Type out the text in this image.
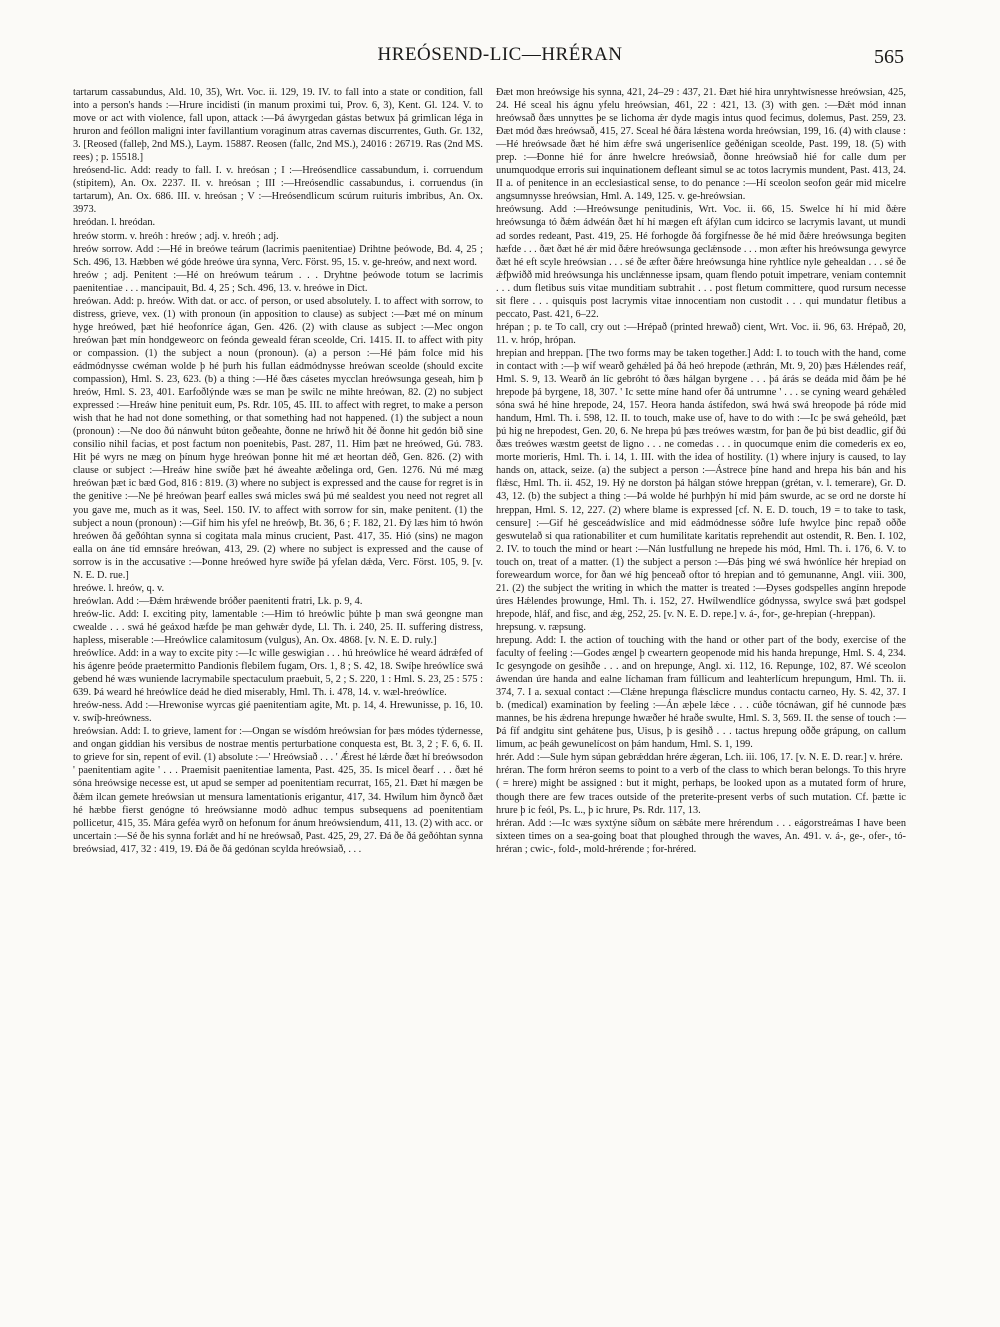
HREÓSEND-LIC—HRÉRAN	565

tartarum cassabundus, Ald. 10, 35), Wrt. Voc. ii. 129, 19. IV. to fall into a state or condition, fall into a person's hands :—Hrure incidisti (in manum proximi tui, Prov. 6, 3), Kent. Gl. 124. V. to move or act with violence, fall upon, attack :—Þá áwyrgedan gástas betwux þá grimlican léga in hruron and feóllon maligni inter favillantium voraginum atras cavernas discurrentes, Guth. Gr. 132, 3. [Reosed (falleþ, 2nd MS.), Laym. 15887. Reosen (fallc, 2nd MS.), 24016 : 26719. Ras (2nd MS. rees) ; p. 15518.]

hreósend-lic. Add: ready to fall. I. v. hreósan ; I :—Hreósendlice cassabundum, i. corruendum (stipitem), An. Ox. 2237. II. v. hreósan ; III :—Hreósendlic cassabundus, i. corruendus (in tartarum), An. Ox. 686. III. v. hreósan ; V :—Hreósendlicum scúrum ruituris imbribus, An. Ox. 3973.

hreódan. l. hreódan.

hreów storm. v. hreóh : hreów ; adj. v. hreóh ; adj.

hreów sorrow. Add :—Hé in breówe teárum (lacrimis paenitentiae) Drihtne þeówode, Bd. 4, 25 ; Sch. 496, 13. Hæbben wé góde hreówe úra synna, Verc. Först. 95, 15. v. ge-hreów, and next word.

hreów ; adj. Penitent :—Hé on hreówum teárum . . . Dryhtne þeówode totum se lacrimis paenitentiae . . . mancipauit, Bd. 4, 25 ; Sch. 496, 13. v. hreówe in Dict.

hreówan. Add: p. hreów. With dat. or acc. of person, or used absolutely. I. to affect with sorrow, to distress, grieve, vex. (1) with pronoun (in apposition to clause) as subject :—Þæt mé on mínum hyge hreówed, þæt hié heofonríce ágan, Gen. 426. (2) with clause as subject :—Mec ongon hreówan þæt mín hondgeweorc on feónda geweald féran sceolde, Cri. 1415. II. to affect with pity or compassion. (1) the subject a noun (pronoun). (a) a person :—Hé þám folce mid his eádmódnysse cwéman wolde þ hé þurh his fullan eádmódnysse hreówan sceolde (should excite compassion), Hml. S. 23, 623. (b) a thing :—Hé ðæs cásetes mycclan hreówsunga geseah, him þ hreów, Hml. S. 23, 401. Earfoðlýnde wæs se man þe swilc ne mihte hreówan, 82. (2) no subject expressed :—Hreáw hine penituit eum, Ps. Rdr. 105, 45. III. to affect with regret, to make a person wish that he had not done something, or that something had not happened. (1) the subject a noun (pronoun) :—Ne doo ðú nánwuht búton geðeahte, ðonne ne hríwð hit ðé ðonne hit gedón bið sine consilio nihil facias, et post factum non poenitebis, Past. 287, 11. Him þæt ne hreówed, Gú. 783. Hit þé wyrs ne mæg on þínum hyge hreówan þonne hit mé æt heortan déð, Gen. 826. (2) with clause or subject :—Hreáw hine swíðe þæt hé áweahte æðelinga ord, Gen. 1276. Nú mé mæg hreówan þæt ic bæd God, 816 : 819. (3) where no subject is expressed and the cause for regret is in the genitive :—Ne þé hreówan þearf ealles swá micles swá þú mé sealdest you need not regret all you gave me, much as it was, Seel. 150. IV. to affect with sorrow for sin, make penitent. (1) the subject a noun (pronoun) :—Gif him his yfel ne hreówþ, Bt. 36, 6 ; F. 182, 21. Ðý læs him tó hwón hreówen ðá geðóhtan synna si cogitata mala minus crucient, Past. 417, 35. Hió (sins) ne magon ealla on áne tíd emnsáre hreówan, 413, 29. (2) where no subject is expressed and the cause of sorrow is in the accusative :—Þonne hreówed hyre swíðe þá yfelan dǽda, Verc. Först. 105, 9. [v. N. E. D. rue.]

hreówe. l. hreów, q. v.

hreówlan. Add :—Ðǽm hrǽwende bróðer paenitenti fratri, Lk. p. 9, 4.

hreów-lic. Add: I. exciting pity, lamentable :—Him tó hreówlic þúhte þ man swá geongne man cwealde . . . swá hé geáxod hæfde þe man gehwǽr dyde, Ll. Th. i. 240, 25. II. suffering distress, hapless, miserable :—Hreówlice calamitosum (vulgus), An. Ox. 4868. [v. N. E. D. ruly.]

hreówlíce. Add: in a way to excite pity :—Ic wille geswigian . . . hú hreówlíce hé weard ádrǽfed of his ágenre þeóde praetermitto Pandionis flebilem fugam, Ors. 1, 8 ; S. 42, 18. Swíþe hreówlíce swá gebend hé wæs wuniende lacrymabile spectaculum praebuit, 5, 2 ; S. 220, 1 : Hml. S. 23, 25 : 575 : 639. Þá weard hé hreówlíce deád he died miserably, Hml. Th. i. 478, 14. v. wæl-hreówlíce.

hreów-ness. Add :—Hrewonise wyrcas gié paenitentiam agite, Mt. p. 14, 4. Hrewunisse, p. 16, 10. v. swíþ-hreówness.

hreówsian. Add: I. to grieve, lament for :—Ongan se wísdóm hreówsian for þæs módes týdernesse, and ongan giddian his versibus de nostrae mentis perturbatione conquesta est, Bt. 3, 2 ; F. 6, 6. II. to grieve for sin, repent of evil. (1) absolute :—' Hreówsiað . . . ' Ǽrest hé lǽrde ðæt hí breówsodon ' paenitentiam agite ' . . . Praemisit paenitentiae lamenta, Past. 425, 35. Is micel ðearf . . . ðæt hé sóna hreówsige necesse est, ut apud se semper ad poenitentiam recurrat, 165, 21. Ðæt hí mægen be ðǽm ilcan gemete hreówsian ut mensura lamentationis erigantur, 417, 34. Hwílum him ðyncð ðæt hé hæbbe fierst genógne tó hreówsianne modò adhuc tempus subsequens ad poenitentiam pollicetur, 415, 35. Mára geféa wyrð on hefonum for ánum hreówsiendum, 411, 13. (2) with acc. or uncertain :—Sé ðe his synna forlǽt and hí ne hreówsað, Past. 425, 29, 27. Ðá ðe ðá geðóhtan synna breówsiad, 417, 32 : 419, 19. Ðá ðe ðá gedónan scylda hreówsiað, . . .

Ðæt mon hreówsige his synna, 421, 24–29 : 437, 21. Ðæt hié hira unryhtwísnesse hreówsian, 425, 24. Hé sceal his ágnu yfelu hreówsian, 461, 22 : 421, 13. (3) with gen. :—Ðǽt mód innan hreówsað ðæs unnyttes þe se lichoma ǽr dyde magis intus quod fecimus, dolemus, Past. 259, 23. Ðæt mód ðæs hreówsað, 415, 27. Sceal hé ðára lǽstena worda hreówsian, 199, 16. (4) with clause :—Hé hreówsade ðæt hé him ǽfre swá ungerisenlíce geðénigan sceolde, Past. 199, 18. (5) with prep. :—Ðonne hié for ánre hwelcre hreówsiað, ðonne hreówsiað hié for calle dum per unumquodque erroris sui inquinationem defleant simul se ac totos lacrymis mundent, Past. 413, 24. II a. of penitence in an ecclesiastical sense, to do penance :—Hí sceolon seofon geár mid micelre angsumnysse hreówsian, Hml. A. 149, 125. v. ge-hreówsian.

hreówsung. Add :—Hreówsunge penitudinis, Wrt. Voc. ii. 66, 15. Swelce hí hí mid ðǽre hreówsunga tó ðǽm ádwéán ðæt hí hí mægen eft áfýlan cum idcirco se lacrymis lavant, ut mundi ad sordes redeant, Past. 419, 25. Hé forhogde ðá forgifnesse ðe hé mid ðǽre hreówsunga begiten hæfde . . . ðæt ðæt hé ǽr mid ðǽre hreówsunga geclǽnsode . . . mon æfter his hreówsunga gewyrce ðæt hé eft scyle hreówsian . . . sé ðe æfter ðǽre hreówsunga hine ryhtlíce nyle gehealdan . . . sé ðe ǽfþwiðð mid hreówsunga his unclǽnnesse ipsam, quam flendo potuit impetrare, veniam contemnit . . . dum fletibus suis vitae munditiam subtrahit . . . post fletum committere, quod rursum necesse sit flere . . . quisquis post lacrymis vitae innocentiam non custodit . . . qui mundatur fletibus a peccato, Past. 421, 6–22.

hrépan ; p. te To call, cry out :—Hrépað (printed hrewað) cient, Wrt. Voc. ii. 96, 63. Hrépað, 20, 11. v. hróp, hrópan.

hrepian and hreppan. [The two forms may be taken together.] Add: I. to touch with the hand, come in contact with :—þ wíf wearð gehǽled þá ðá heó hrepode (æthrán, Mt. 9, 20) þæs Hǽlendes reáf, Hml. S. 9, 13. Wearð án líc gebróht tó ðæs hálgan byrgene . . . þá árás se deáda mid ðám þe hé hrepode þá byrgene, 18, 307. ' Ic sette míne hand ofer ðá untrumne ' . . . se cyning weard gehǽled sóna swá hé hine hrepode, 24, 157. Heora handa ástífedon, swá hwá swá hreopode þá róde mid handum, Hml. Th. i. 598, 12. II. to touch, make use of, have to do with :—Ic þe swá geheóld, þæt þú hig ne hrepodest, Gen. 20, 6. Ne hrepa þú þæs treówes wæstm, for þan ðe þú bist deadlic, gif ðú ðæs treówes wæstm geetst de ligno . . . ne comedas . . . in quocumque enim die comederis ex eo, morte morieris, Hml. Th. i. 14, 1. III. with the idea of hostility. (1) where injury is caused, to lay hands on, attack, seize. (a) the subject a person :—Ástrece þíne hand and hrepa his bán and his flǽsc, Hml. Th. ii. 452, 19. Hý ne dorston þá hálgan stówe hreppan (grétan, v. l. temerare), Gr. D. 43, 12. (b) the subject a thing :—Þá wolde hé þurhþýn hí mid þám swurde, ac se ord ne dorste hí hreppan, Hml. S. 12, 227. (2) where blame is expressed [cf. N. E. D. touch, 19 = to take to task, censure] :—Gif hé gesceádwíslíce and mid eádmódnesse sóðre lufe hwylce þinc repað oððe geswutelað si qua rationabiliter et cum humilitate karitatis reprehendit aut ostendit, R. Ben. I. 102, 2. IV. to touch the mind or heart :—Nán lustfullung ne hrepede his mód, Hml. Th. i. 176, 6. V. to touch on, treat of a matter. (1) the subject a person :—Ðás þing wé swá hwónlíce hér hrepiad on foreweardum worce, for ðan wé híg þenceað oftor tó hrepian and tó gemunanne, Angl. viii. 300, 21. (2) the subject the writing in which the matter is treated :—Ðyses godspelles angínn hrepode úres Hǽlendes þrowunge, Hml. Th. i. 152, 27. Hwílwendlíce gódnyssa, swylce swá þæt godspel hrepode, hláf, and fisc, and ǽg, 252, 25. [v. N. E. D. repe.] v. á-, for-, ge-hrepian (-hreppan).

hrepsung. v. ræpsung.

hrepung. Add: I. the action of touching with the hand or other part of the body, exercise of the faculty of feeling :—Godes ængel þ cweartern geopenode mid his handa hrepunge, Hml. S. 4, 234. Ic gesyngode on gesihðe . . . and on hrepunge, Angl. xi. 112, 16. Repunge, 102, 87. Wé sceolon áwendan úre handa and ealne líchaman fram fúllicum and leahterlícum hrepungum, Hml. Th. ii. 374, 7. I a. sexual contact :—Clǽne hrepunga flǽsclicre mundus contactu carneo, Hy. S. 42, 37. I b. (medical) examination by feeling :—Án æþele lǽce . . . cúðe tócnáwan, gif hé cunnode þæs mannes, be his ǽdrena hrepunge hwæðer hé hraðe swulte, Hml. S. 3, 569. II. the sense of touch :—Þá fíf andgitu sint gehátene þus, Uisus, þ is gesihð . . . tactus hrepung oððe grápung, on callum limum, ac þeáh gewunelícost on þám handum, Hml. S. 1, 199.

hrér. Add :—Sule hym súpan gebrǽddan hrére ǽgeran, Lch. iii. 106, 17. [v. N. E. D. rear.] v. hrére.

hréran. The form hréron seems to point to a verb of the class to which beran belongs. To this hryre ( = hrere) might be assigned : but it might, perhaps, be looked upon as a mutated form of hrure, though there are few traces outside of the preterite-present verbs of such mutation. Cf. þætte ic hrure þ ic feól, Ps. L., þ ic hrure, Ps. Rdr. 117, 13.

hréran. Add :—Ic wæs syxtýne síðum on sǽbáte mere hrérendum . . . eágorstreámas I have been sixteen times on a sea-going boat that ploughed through the waves, An. 491. v. á-, ge-, ofer-, tó-hréran ; cwic-, fold-, mold-hrérende ; for-hréred.
